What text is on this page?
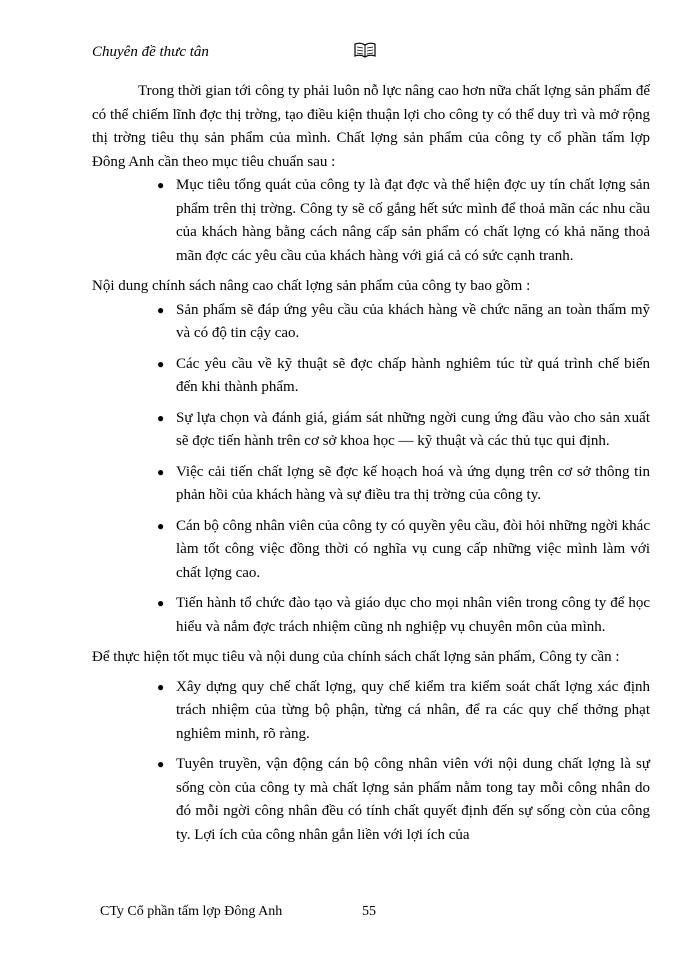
Chuyên đề thưc tân

Trong thời gian tới công ty phải luôn nỗ lực nâng cao hơn nữa chất lợng sản phẩm để có thể chiếm lĩnh đợc thị trờng, tạo điều kiện thuận lợi cho công ty có thể duy trì và mở rộng thị trờng tiêu thụ sản phẩm của mình. Chất lợng sản phẩm của công ty cổ phần tấm lợp Đông Anh cần theo mục tiêu chuẩn sau :

● Mục tiêu tổng quát của công ty là đạt đợc và thể hiện đợc uy tín chất lợng sản phẩm trên thị trờng. Công ty sẽ cố gắng hết sức mình để thoả mãn các nhu cầu của khách hàng bằng cách nâng cấp sản phẩm có chất lợng có khả năng thoả mãn đợc các yêu cầu của khách hàng với giá cả có sức cạnh tranh.

Nội dung chính sách nâng cao chất lợng sản phẩm của công ty bao gồm :

● Sản phẩm sẽ đáp ứng yêu cầu của khách hàng về chức năng an toàn thẩm mỹ và có độ tin cậy cao.
● Các yêu cầu về kỹ thuật sẽ đợc chấp hành nghiêm túc từ quá trình chế biến đến khi thành phẩm.
● Sự lựa chọn và đánh giá, giám sát những ngời cung ứng đầu vào cho sản xuất sẽ đợc tiến hành trên cơ sở khoa học — kỹ thuật và các thủ tục qui định.
● Việc cải tiến chất lợng sẽ đợc kế hoạch hoá và ứng dụng trên cơ sở thông tin phản hồi của khách hàng và sự điều tra thị trờng của công ty.
● Cán bộ công nhân viên của công ty có quyền yêu cầu, đòi hỏi những ngời khác làm tốt công việc đồng thời có nghĩa vụ cung cấp những việc mình làm với chất lợng cao.
● Tiến hành tổ chức đào tạo và giáo dục cho mọi nhân viên trong công ty để học hiểu và nắm đợc trách nhiệm cũng nh nghiệp vụ chuyên môn của mình.

Để thực hiện tốt mục tiêu và nội dung của chính sách chất lợng sản phẩm, Công ty cần :

● Xây dựng quy chế chất lợng, quy chế kiểm tra kiểm soát chất lợng xác định trách nhiệm của từng bộ phận, từng cá nhân, để ra các quy chế thởng phạt nghiêm minh, rõ ràng.
● Tuyên truyền, vận động cán bộ công nhân viên với nội dung chất lợng là sự sống còn của công ty mà chất lợng sản phẩm nằm tong tay mỗi công nhân do đó mỗi ngời công nhân đều có tính chất quyết định đến sự sống còn của công ty. Lợi ích của công nhân gắn liền với lợi ích của
CTy Cổ phần tấm lợp Đông Anh	55
